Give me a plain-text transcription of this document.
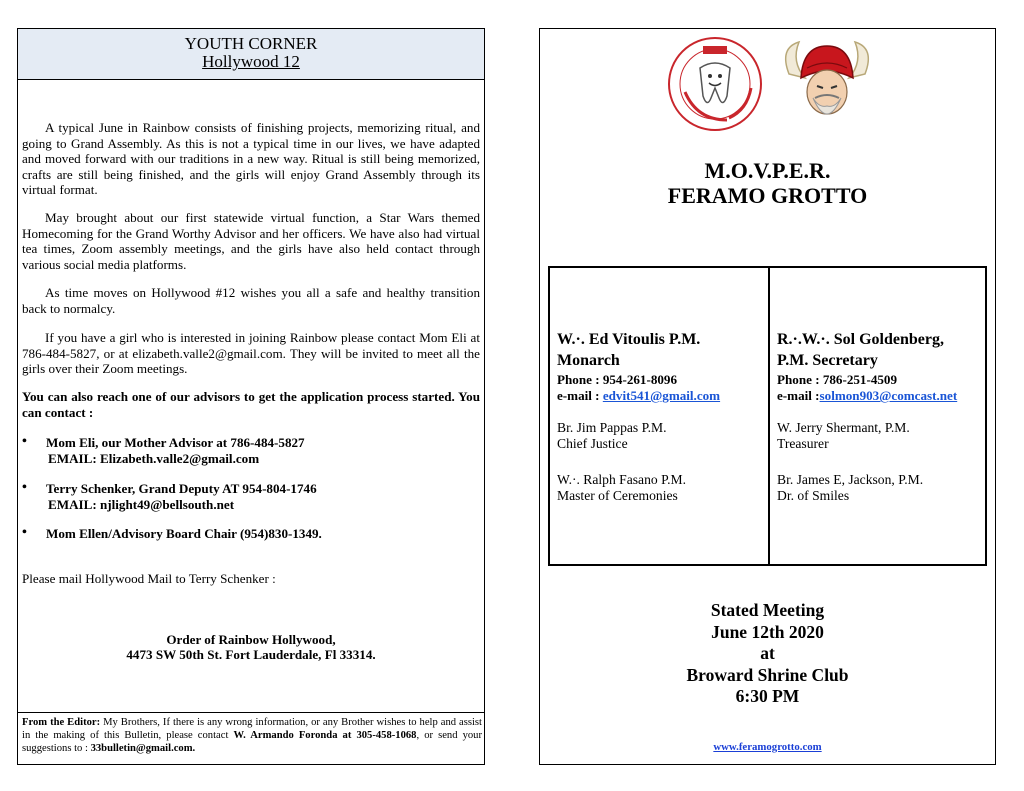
YOUTH CORNER
Hollywood 12

A typical June in Rainbow consists of finishing projects, memorizing ritual, and going to Grand Assembly. As this is not a typical time in our lives, we have adapted and moved forward with our traditions in a new way. Ritual is still being memorized, crafts are still being finished, and the girls will enjoy Grand Assembly through its virtual format.

May brought about our first statewide virtual function, a Star Wars themed Homecoming for the Grand Worthy Advisor and her officers. We have also had virtual tea times, Zoom assembly meetings, and the girls have also held contact through various social media platforms.

As time moves on Hollywood #12 wishes you all a safe and healthy transition back to normalcy.

If you have a girl who is interested in joining Rainbow please contact Mom Eli at 786-484-5827, or at elizabeth.valle2@gmail.com. They will be invited to meet all the girls over their Zoom meetings.

You can also reach one of our advisors to get the application process started. You can contact :

• Mom Eli, our Mother Advisor at 786-484-5827
EMAIL: Elizabeth.valle2@gmail.com
• Terry Schenker, Grand Deputy AT 954-804-1746
EMAIL: njlight49@bellsouth.net
• Mom Ellen/Advisory Board Chair (954)830-1349.
Please mail Hollywood Mail to Terry Schenker :
Order of Rainbow Hollywood,
4473 SW 50th St. Fort Lauderdale, Fl 33314.
From the Editor: My Brothers, If there is any wrong information, or any Brother wishes to help and assist in the making of this Bulletin, please contact W. Armando Foronda at 305-458-1068, or send your suggestions to : 33bulletin@gmail.com.
M.O.V.P.E.R.
FERAMO GROTTO
W.·. Ed Vitoulis P.M.
Monarch
Phone : 954-261-8096
e-mail : edvit541@gmail.com
Br. Jim Pappas P.M.
Chief Justice
W.·. Ralph Fasano P.M.
Master of Ceremonies
R.·.W.·. Sol Goldenberg,
P.M. Secretary
Phone : 786-251-4509
e-mail :solmon903@comcast.net
W. Jerry Shermant, P.M.
Treasurer
Br. James E, Jackson, P.M.
Dr. of Smiles
Stated Meeting
June 12th 2020
at
Broward Shrine Club
6:30 PM
www.feramogrotto.com
